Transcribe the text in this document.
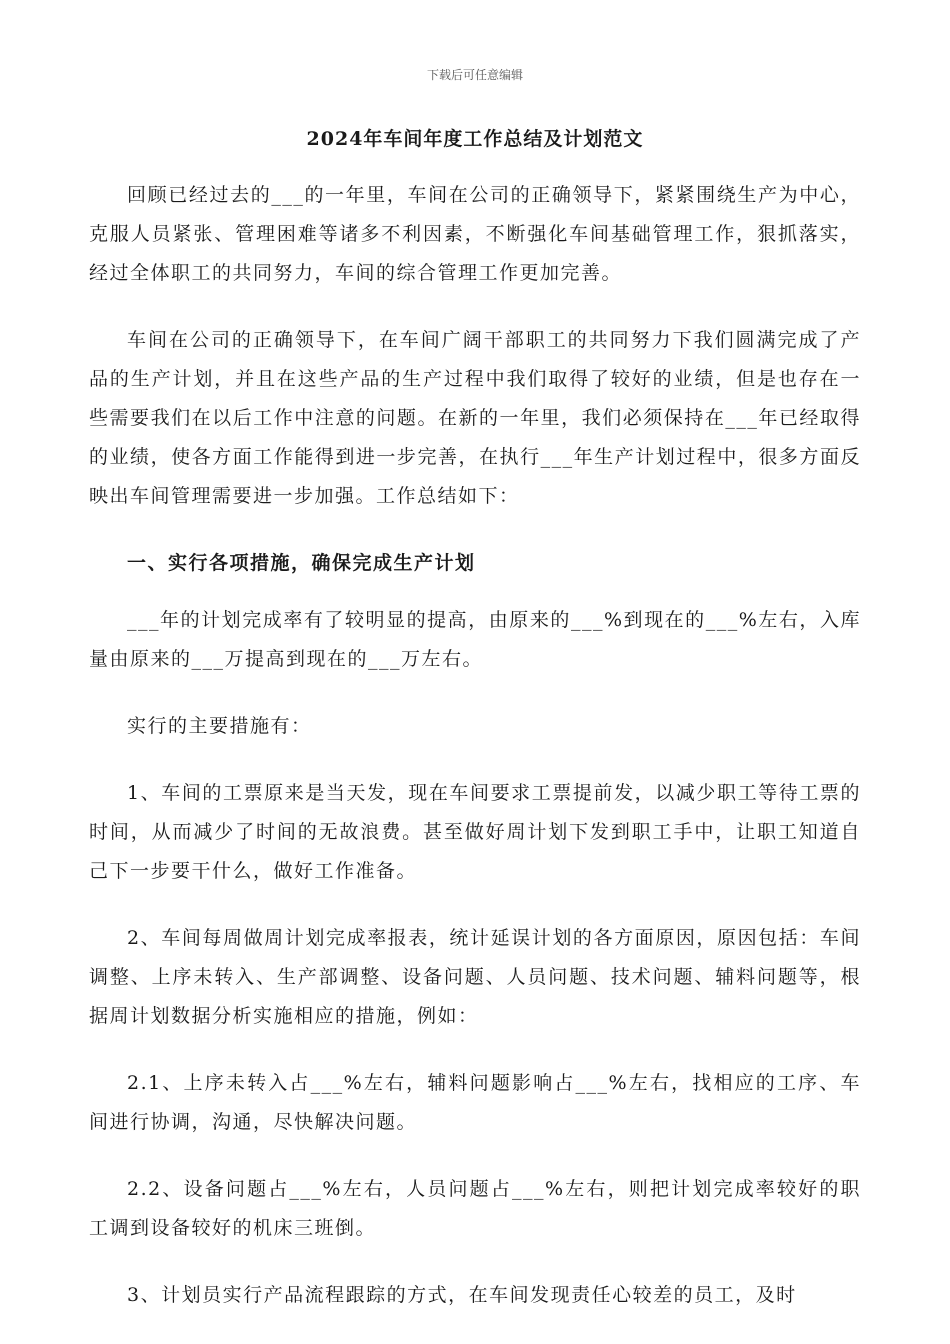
下载后可任意编辑
2024年车间年度工作总结及计划范文

回顾已经过去的___的一年里，车间在公司的正确领导下，紧紧围绕生产为中心，克服人员紧张、管理困难等诸多不利因素，不断强化车间基础管理工作，狠抓落实，经过全体职工的共同努力，车间的综合管理工作更加完善。

车间在公司的正确领导下，在车间广阔干部职工的共同努力下我们圆满完成了产品的生产计划，并且在这些产品的生产过程中我们取得了较好的业绩，但是也存在一些需要我们在以后工作中注意的问题。在新的一年里，我们必须保持在___年已经取得的业绩，使各方面工作能得到进一步完善，在执行___年生产计划过程中，很多方面反映出车间管理需要进一步加强。工作总结如下：

一、实行各项措施，确保完成生产计划

___年的计划完成率有了较明显的提高，由原来的___%到现在的___%左右，入库量由原来的___万提高到现在的___万左右。

实行的主要措施有：

1、车间的工票原来是当天发，现在车间要求工票提前发，以减少职工等待工票的时间，从而减少了时间的无故浪费。甚至做好周计划下发到职工手中，让职工知道自己下一步要干什么，做好工作准备。

2、车间每周做周计划完成率报表，统计延误计划的各方面原因，原因包括：车间调整、上序未转入、生产部调整、设备问题、人员问题、技术问题、辅料问题等，根据周计划数据分析实施相应的措施，例如：

2.1、上序未转入占___%左右，辅料问题影响占___%左右，找相应的工序、车间进行协调，沟通，尽快解决问题。

2.2、设备问题占___%左右，人员问题占___%左右，则把计划完成率较好的职工调到设备较好的机床三班倒。

3、计划员实行产品流程跟踪的方式，在车间发现责任心较差的员工，及时
